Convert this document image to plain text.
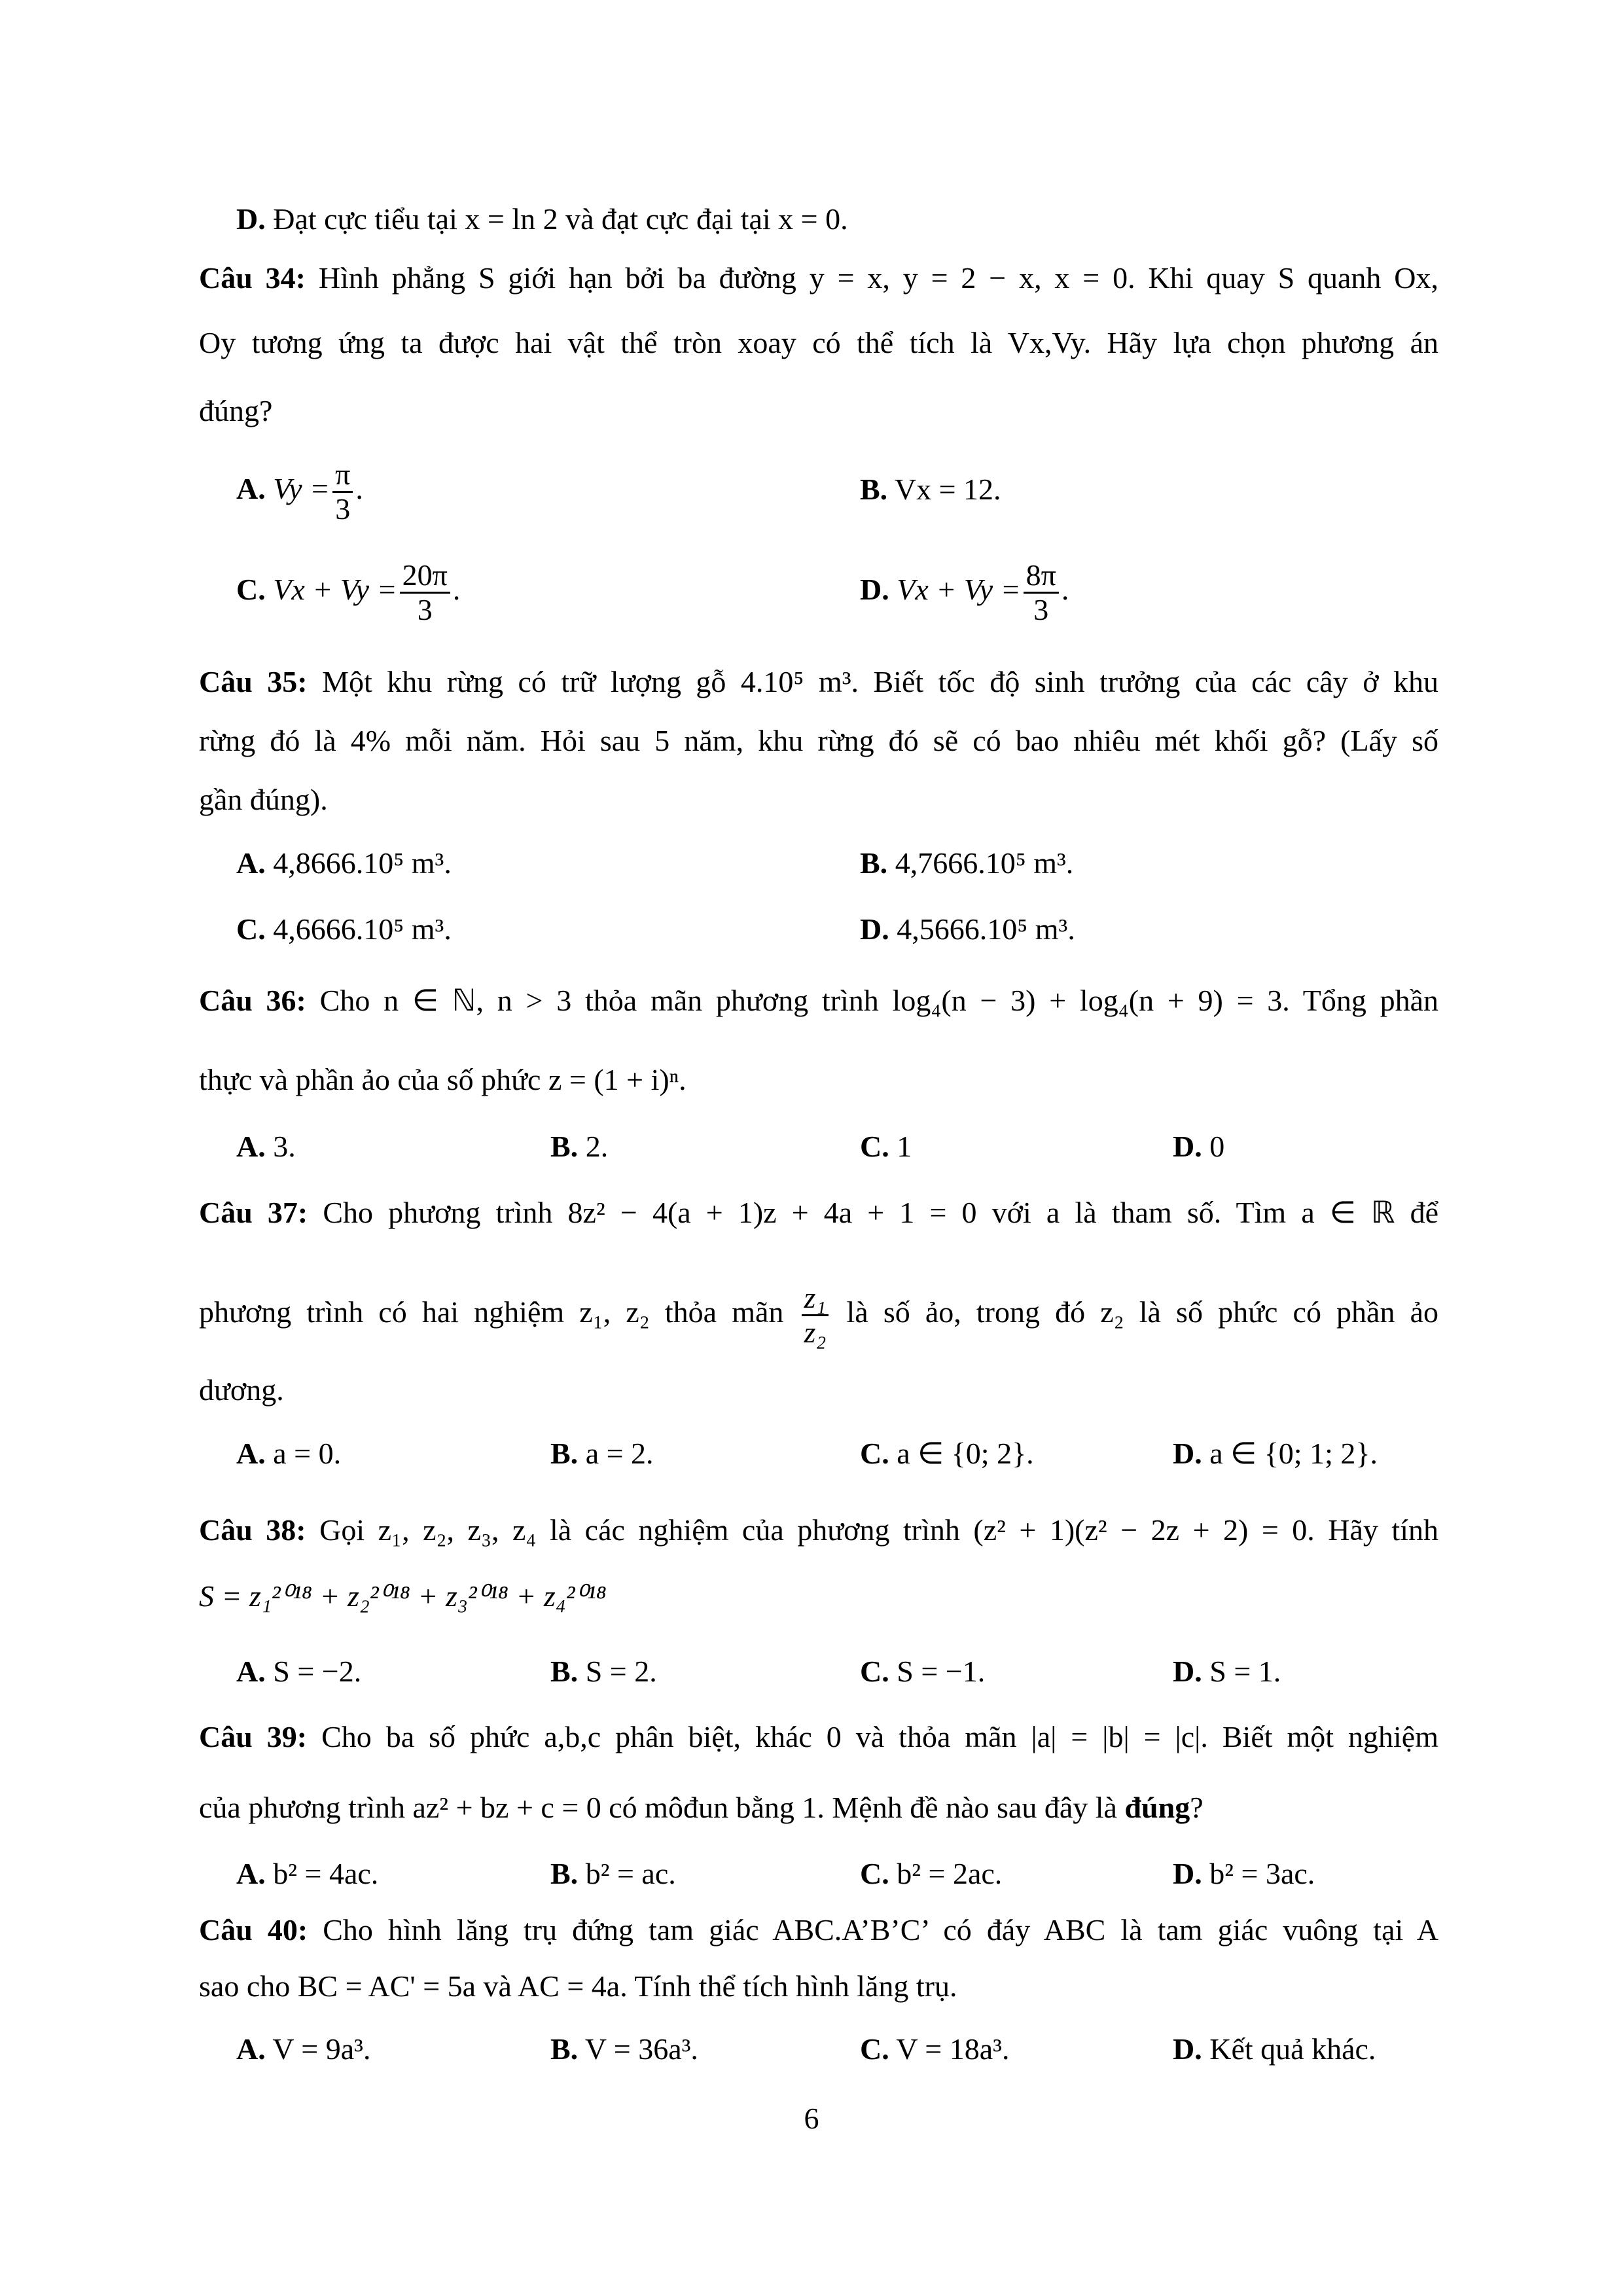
D. Đạt cực tiểu tại x = ln 2 và đạt cực đại tại x = 0.
Câu 34: Hình phẳng S giới hạn bởi ba đường y = x, y = 2 − x, x = 0. Khi quay S quanh Ox,
Oy tương ứng ta được hai vật thể tròn xoay có thể tích là Vx,Vy. Hãy lựa chọn phương án
đúng?
A. $Vy = \frac{\pi}{3}$ .	B. Vx = 12.
C. $Vx + Vy = \frac{20\pi}{3}$ .	D. $Vx + Vy = \frac{8\pi}{3}$ .
Câu 35: Một khu rừng có trữ lượng gỗ 4.10⁵ m³. Biết tốc độ sinh trưởng của các cây ở khu
rừng đó là 4% mỗi năm. Hỏi sau 5 năm, khu rừng đó sẽ có bao nhiêu mét khối gỗ? (Lấy số
gần đúng).
A. 4,8666.10⁵ m³.	B. 4,7666.10⁵ m³.
C. 4,6666.10⁵ m³.	D. 4,5666.10⁵ m³.
Câu 36: Cho n ∈ ℕ, n > 3 thỏa mãn phương trình log₄(n − 3) + log₄(n + 9) = 3. Tổng phần
thực và phần ảo của số phức z = (1 + i)ⁿ.
A. 3.	B. 2.	C. 1	D. 0
Câu 37: Cho phương trình 8z² − 4(a + 1)z + 4a + 1 = 0 với a là tham số. Tìm a ∈ ℝ để
phương trình có hai nghiệm z₁, z₂ thỏa mãn $\frac{\text{z₁}}{\text{z₂}}$ là số ảo, trong đó z₂ là số phức có phần ảo
dương.
A. a = 0.	B. a = 2.	C. a ∈ {0; 2}.	D. a ∈ {0; 1; 2}.
Câu 38: Gọi z₁, z₂, z₃, z₄ là các nghiệm của phương trình (z² + 1)(z² − 2z + 2) = 0. Hãy tính
S = z₁²⁰¹⁸ + z₂²⁰¹⁸ + z₃²⁰¹⁸ + z₄²⁰¹⁸
A. S = −2.	B. S = 2.	C. S = −1.	D. S = 1.
Câu 39: Cho ba số phức a,b,c phân biệt, khác 0 và thỏa mãn |a| = |b| = |c|. Biết một nghiệm
của phương trình az² + bz + c = 0 có môđun bằng 1. Mệnh đề nào sau đây là đúng?
A. b² = 4ac.	B. b² = ac.	C. b² = 2ac.	D. b² = 3ac.
Câu 40: Cho hình lăng trụ đứng tam giác ABC.A’B’C’ có đáy ABC là tam giác vuông tại A
sao cho BC = AC' = 5a và AC = 4a. Tính thể tích hình lăng trụ.
A. V = 9a³.	B. V = 36a³.	C. V = 18a³.	D. Kết quả khác.
6
